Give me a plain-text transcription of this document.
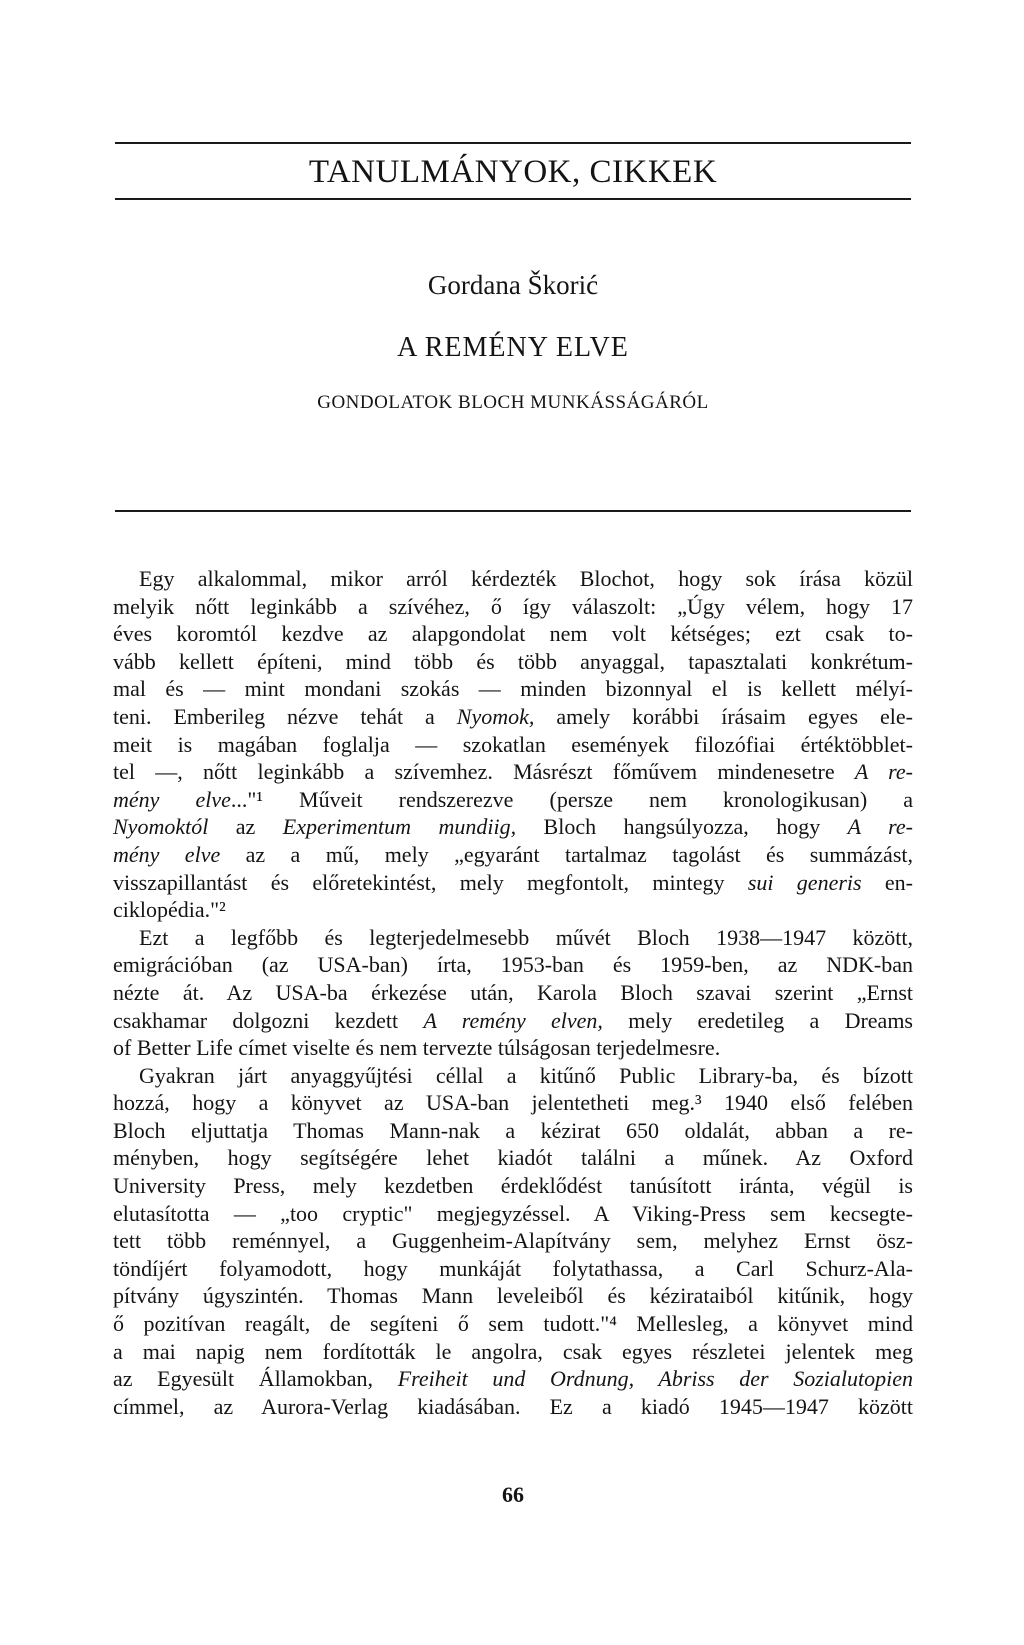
TANULMÁNYOK, CIKKEK
Gordana Škorić
A REMÉNY ELVE
GONDOLATOK BLOCH MUNKÁSSÁGÁRÓL
Egy alkalommal, mikor arról kérdezték Blochot, hogy sok írása közül
melyik nőtt leginkább a szívéhez, ő így válaszolt: „Úgy vélem, hogy 17
éves koromtól kezdve az alapgondolat nem volt kétséges; ezt csak to-
vább kellett építeni, mind több és több anyaggal, tapasztalati konkrétum-
mal és — mint mondani szokás — minden bizonnyal el is kellett mélyí-
teni. Emberileg nézve tehát a Nyomok, amely korábbi írásaim egyes ele-
meit is magában foglalja — szokatlan események filozófiai értéktöbblet-
tel —, nőtt leginkább a szívemhez. Másrészt főművem mindenesetre A re-
mény elve..."¹ Műveit rendszerezve (persze nem kronologikusan) a
Nyomoktól az Experimentum mundiig, Bloch hangsúlyozza, hogy A re-
mény elve az a mű, mely „egyaránt tartalmaz tagolást és summázást,
visszapillantást és előretekintést, mely megfontolt, mintegy sui generis en-
ciklopédia."²
Ezt a legfőbb és legterjedelmesebb művét Bloch 1938—1947 között,
emigrációban (az USA-ban) írta, 1953-ban és 1959-ben, az NDK-ban
nézte át. Az USA-ba érkezése után, Karola Bloch szavai szerint „Ernst
csakhamar dolgozni kezdett A remény elven, mely eredetileg a Dreams
of Better Life címet viselte és nem tervezte túlságosan terjedelmesre.
Gyakran járt anyaggyűjtési céllal a kitűnő Public Library-ba, és bízott
hozzá, hogy a könyvet az USA-ban jelentetheti meg.³ 1940 első felében
Bloch eljuttatja Thomas Mann-nak a kézirat 650 oldalát, abban a re-
ményben, hogy segítségére lehet kiadót találni a műnek. Az Oxford
University Press, mely kezdetben érdeklődést tanúsított iránta, végül is
elutasította — „too cryptic" megjegyzéssel. A Viking-Press sem kecsegte-
tett több reménnyel, a Guggenheim-Alapítvány sem, melyhez Ernst ösz-
töndíjért folyamodott, hogy munkáját folytathassa, a Carl Schurz-Ala-
pítvány úgyszintén. Thomas Mann leveleiből és kézirataiból kitűnik, hogy
ő pozitívan reagált, de segíteni ő sem tudott."⁴ Mellesleg, a könyvet mind
a mai napig nem fordították le angolra, csak egyes részletei jelentek meg
az Egyesült Államokban, Freiheit und Ordnung, Abriss der Sozialutopien
címmel, az Aurora-Verlag kiadásában. Ez a kiadó 1945—1947 között
66
